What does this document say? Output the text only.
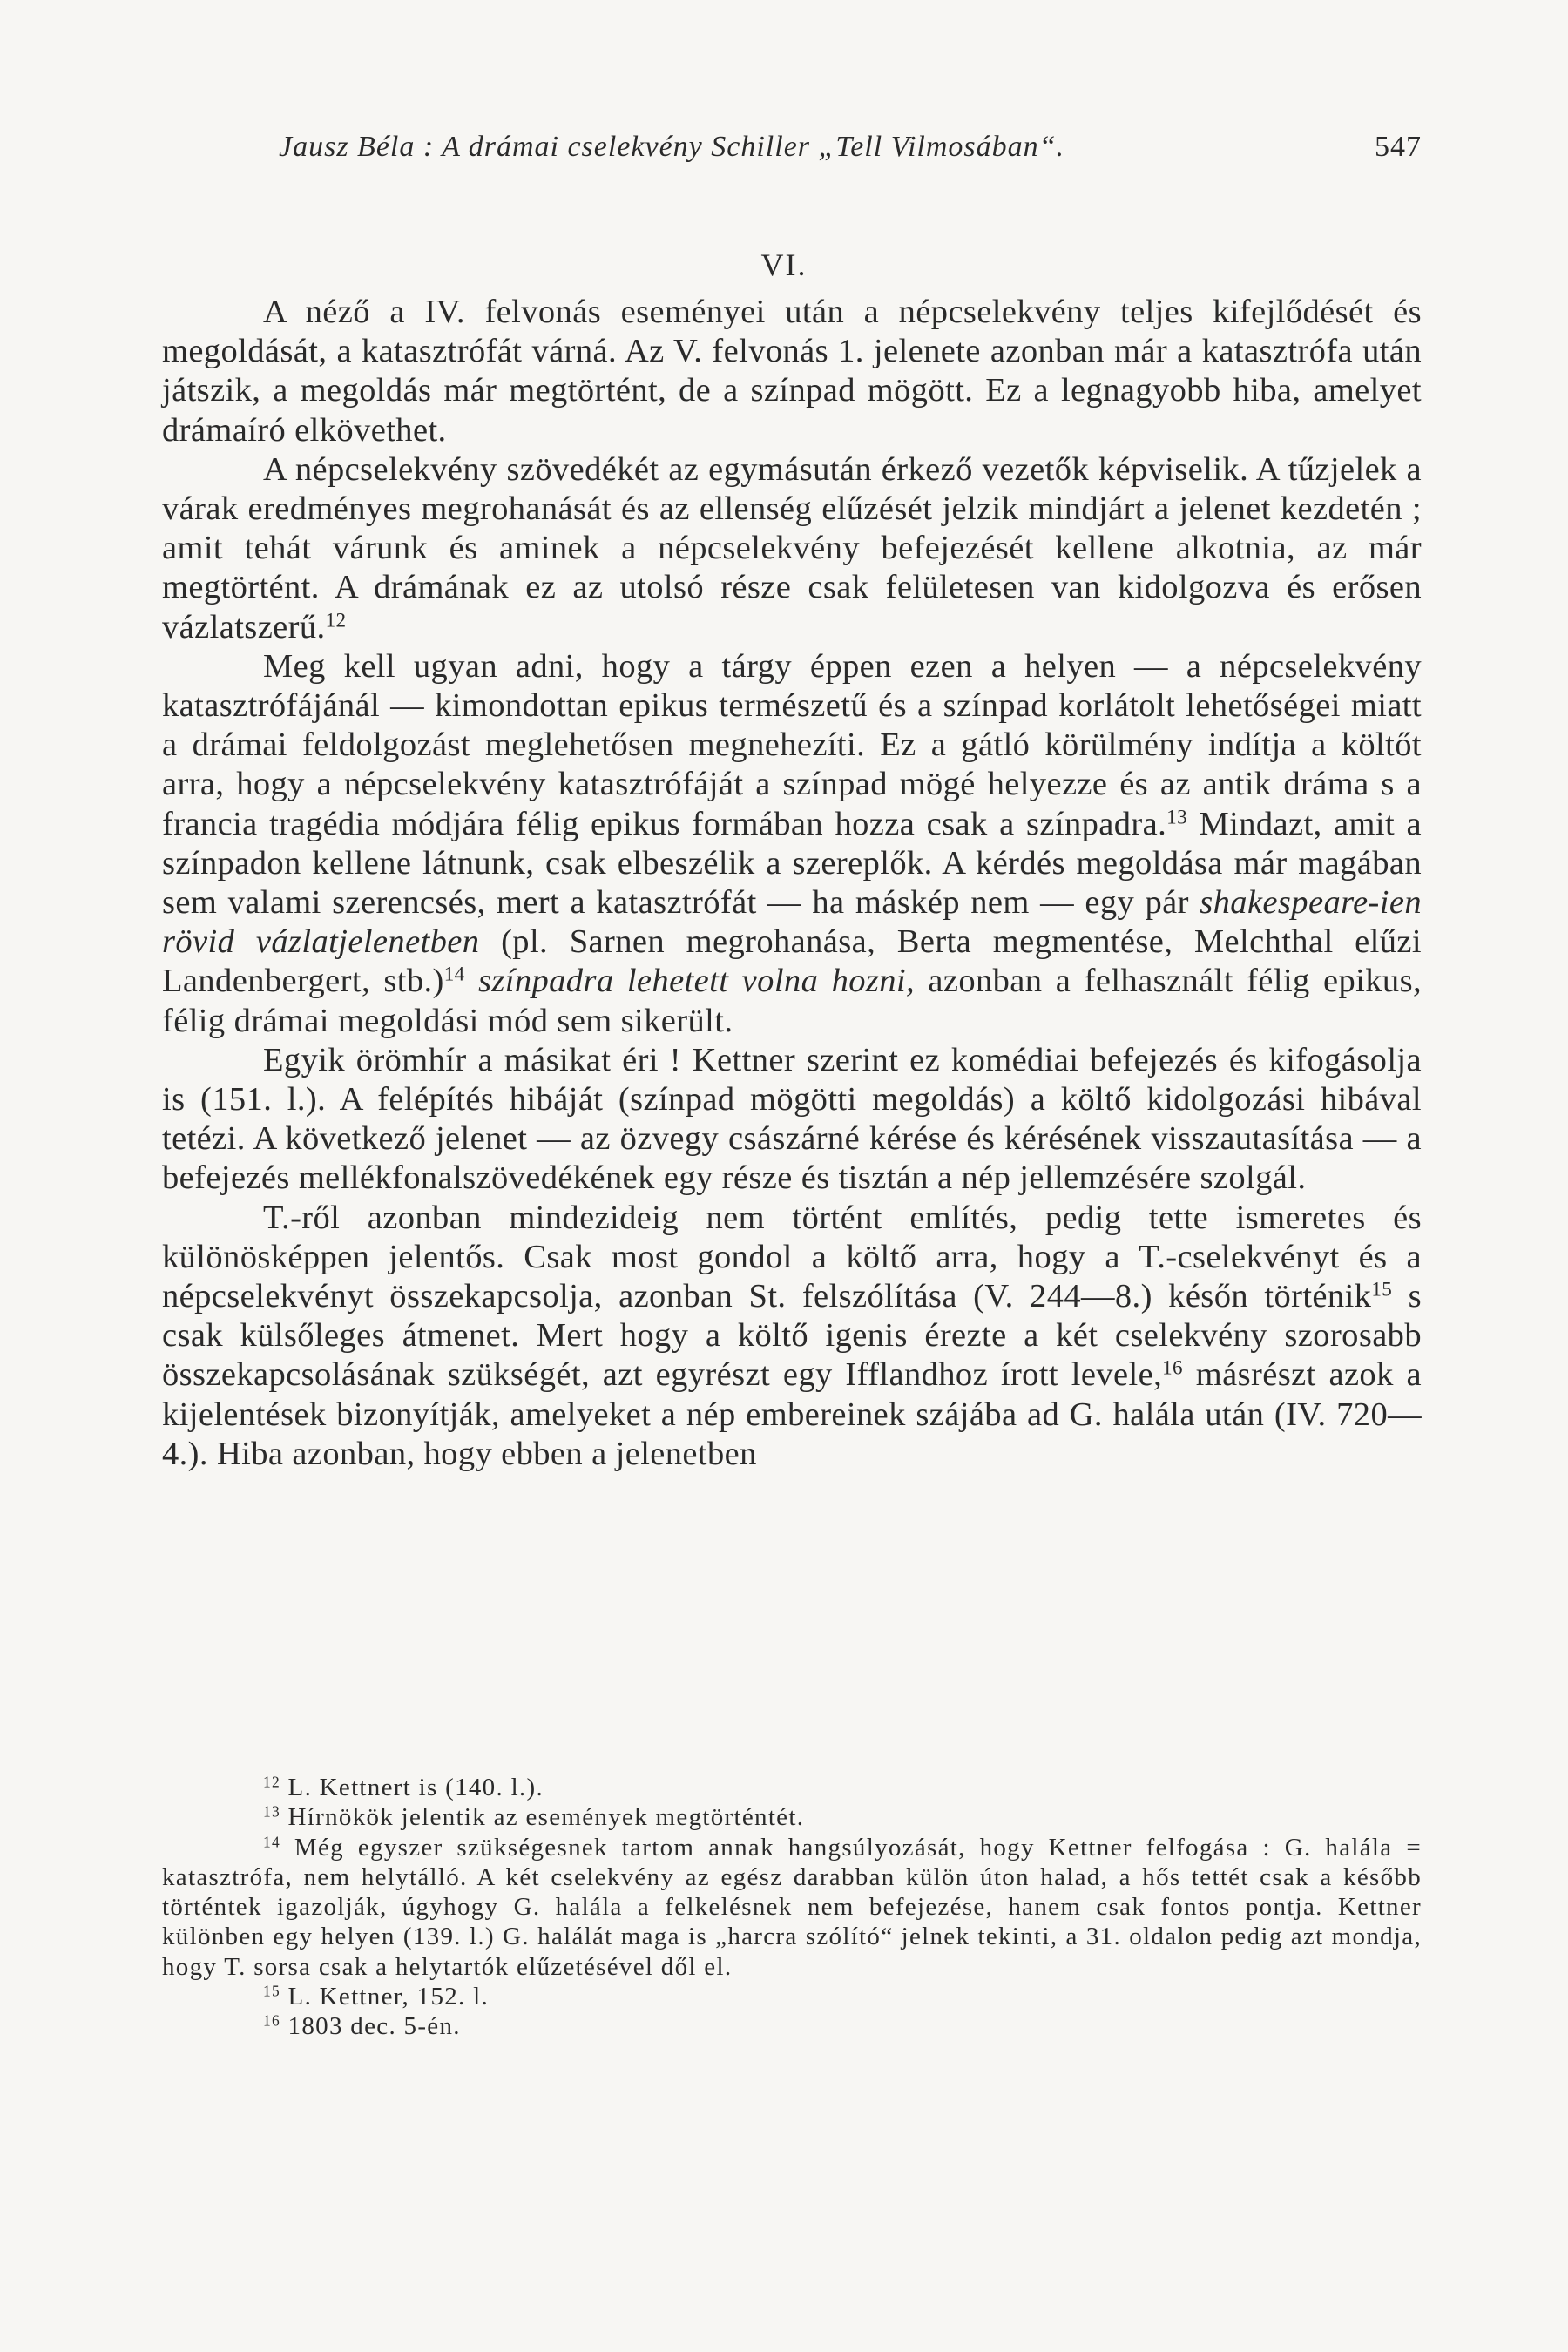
Jausz Béla : A drámai cselekvény Schiller „Tell Vilmosában“.	547
VI.

A néző a IV. felvonás eseményei után a népcselekvény teljes kifejlődését és megoldását, a katasztrófát várná. Az V. felvonás 1. jelenete azonban már a katasztrófa után játszik, a megoldás már megtörtént, de a színpad mögött. Ez a legnagyobb hiba, amelyet drámaíró elkövethet.

A népcselekvény szövedékét az egymásután érkező vezetők képviselik. A tűzjelek a várak eredményes megrohanását és az ellenség elűzését jelzik mindjárt a jelenet kezdetén ; amit tehát várunk és aminek a népcselekvény befejezését kellene alkotnia, az már megtörtént. A drámának ez az utolsó része csak felületesen van kidolgozva és erősen vázlatszerű.$^{12}$

Meg kell ugyan adni, hogy a tárgy éppen ezen a helyen — a népcselekvény katasztrófájánál — kimondottan epikus természetű és a színpad korlátolt lehetőségei miatt a drámai feldolgozást meglehetősen megnehezíti. Ez a gátló körülmény indítja a költőt arra, hogy a népcselekvény katasztrófáját a színpad mögé helyezze és az antik dráma s a francia tragédia módjára félig epikus formában hozza csak a színpadra.$^{13}$ Mindazt, amit a színpadon kellene látnunk, csak elbeszélik a szereplők. A kérdés megoldása már magában sem valami szerencsés, mert a katasztrófát — ha máskép nem — egy pár shakespeare-ien rövid vázlatjelenetben (pl. Sarnen megrohanása, Berta megmentése, Melchthal elűzi Landenbergert, stb.)$^{14}$ színpadra lehetett volna hozni, azonban a felhasznált félig epikus, félig drámai megoldási mód sem sikerült.

Egyik örömhír a másikat éri ! Kettner szerint ez komédiai befejezés és kifogásolja is (151. l.). A felépítés hibáját (színpad mögötti megoldás) a költő kidolgozási hibával tetézi. A következő jelenet — az özvegy császárné kérése és kérésének visszautasítása — a befejezés mellékfonalszövedékének egy része és tisztán a nép jellemzésére szolgál.

T.-ről azonban mindezideig nem történt említés, pedig tette ismeretes és különösképpen jelentős. Csak most gondol a költő arra, hogy a T.-cselekvényt és a népcselekvényt összekapcsolja, azonban St. felszólítása (V. 244—8.) későn történik$^{15}$ s csak külsőleges átmenet. Mert hogy a költő igenis érezte a két cselekvény szorosabb összekapcsolásának szükségét, azt egyrészt egy Ifflandhoz írott levele,$^{16}$ másrészt azok a kijelentések bizonyítják, amelyeket a nép embereinek szájába ad G. halála után (IV. 720—4.). Hiba azonban, hogy ebben a jelenetben

$^{12}$ L. Kettnert is (140. l.).

$^{13}$ Hírnökök jelentik az események megtörténtét.

$^{14}$ Még egyszer szükségesnek tartom annak hangsúlyozását, hogy Kettner felfogása : G. halála = katasztrófa, nem helytálló. A két cselekvény az egész darabban külön úton halad, a hős tettét csak a később történtek igazolják, úgyhogy G. halála a felkelésnek nem befejezése, hanem csak fontos pontja. Kettner különben egy helyen (139. l.) G. halálát maga is „harcra szólító“ jelnek tekinti, a 31. oldalon pedig azt mondja, hogy T. sorsa csak a helytartók elűzetésével dől el.

$^{15}$ L. Kettner, 152. l.

$^{16}$ 1803 dec. 5-én.
